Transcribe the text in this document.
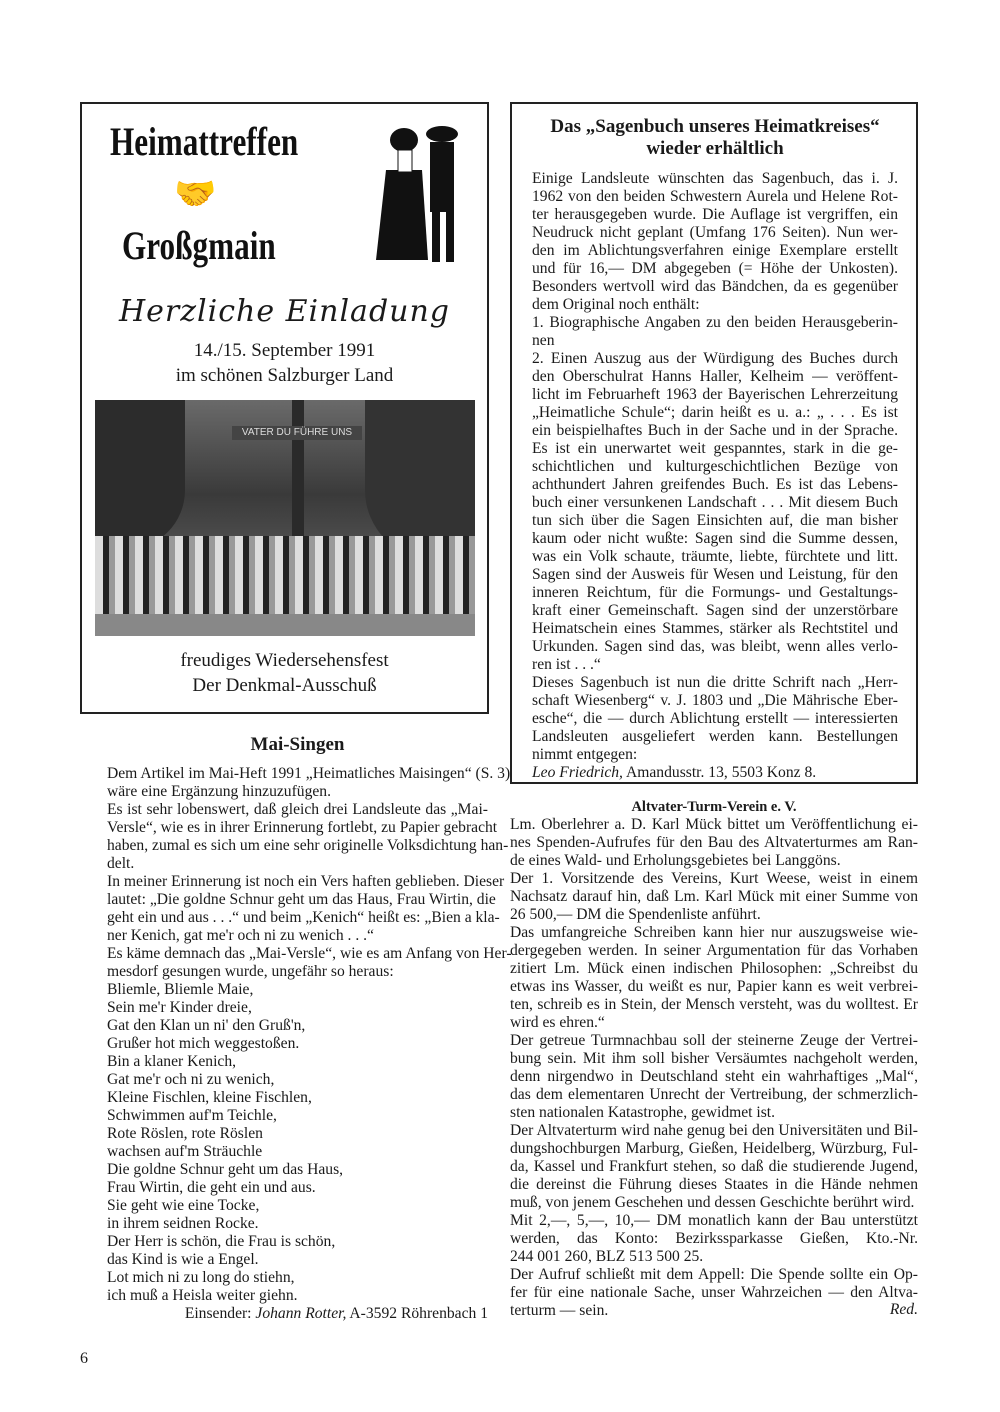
Heimattreffen
🤝
Großgmain
Herzliche Einladung
14./15. September 1991
im schönen Salzburger Land
VATER DU FÜHRE UNS
freudiges Wiedersehensfest
Der Denkmal-Ausschuß
Das „Sagenbuch unseres Heimatkreises“
wieder erhältlich
Einige Landsleute wünschten das Sagenbuch, das i. J.
1962 von den beiden Schwestern Aurela und Helene Rot-
ter herausgegeben wurde. Die Auflage ist vergriffen, ein
Neudruck nicht geplant (Umfang 176 Seiten). Nun wer-
den im Ablichtungsverfahren einige Exemplare erstellt
und für 16,— DM abgegeben (= Höhe der Unkosten).
Besonders wertvoll wird das Bändchen, da es gegenüber
dem Original noch enthält:
1. Biographische Angaben zu den beiden Herausgeberin-
nen
2. Einen Auszug aus der Würdigung des Buches durch
den Oberschulrat Hanns Haller, Kelheim — veröffent-
licht im Februarheft 1963 der Bayerischen Lehrerzeitung
„Heimatliche Schule“; darin heißt es u. a.: „ . . . Es ist
ein beispielhaftes Buch in der Sache und in der Sprache.
Es ist ein unerwartet weit gespanntes, stark in die ge-
schichtlichen und kulturgeschichtlichen Bezüge von
achthundert Jahren greifendes Buch. Es ist das Lebens-
buch einer versunkenen Landschaft . . . Mit diesem Buch
tun sich über die Sagen Einsichten auf, die man bisher
kaum oder nicht wußte: Sagen sind die Summe dessen,
was ein Volk schaute, träumte, liebte, fürchtete und litt.
Sagen sind der Ausweis für Wesen und Leistung, für den
inneren Reichtum, für die Formungs- und Gestaltungs-
kraft einer Gemeinschaft. Sagen sind der unzerstörbare
Heimatschein eines Stammes, stärker als Rechtstitel und
Urkunden. Sagen sind das, was bleibt, wenn alles verlo-
ren ist . . .“
Dieses Sagenbuch ist nun die dritte Schrift nach „Herr-
schaft Wiesenberg“ v. J. 1803 und „Die Mährische Eber-
esche“, die — durch Ablichtung erstellt — interessierten
Landsleuten ausgeliefert werden kann. Bestellungen
nimmt entgegen:
Leo Friedrich, Amandusstr. 13, 5503 Konz 8.
Mai-Singen
Dem Artikel im Mai-Heft 1991 „Heimatliches Maisingen“ (S. 3)
wäre eine Ergänzung hinzuzufügen.
Es ist sehr lobenswert, daß gleich drei Landsleute das „Mai-
Versle“, wie es in ihrer Erinnerung fortlebt, zu Papier gebracht
haben, zumal es sich um eine sehr originelle Volksdichtung han-
delt.
In meiner Erinnerung ist noch ein Vers haften geblieben. Dieser
lautet: „Die goldne Schnur geht um das Haus, Frau Wirtin, die
geht ein und aus . . .“ und beim „Kenich“ heißt es: „Bien a kla-
ner Kenich, gat me'r och ni zu wenich . . .“
Es käme demnach das „Mai-Versle“, wie es am Anfang von Her-
mesdorf gesungen wurde, ungefähr so heraus:
Bliemle, Bliemle Maie,
Sein me'r Kinder dreie,
Gat den Klan un ni' den Gruß'n,
Grußer hot mich weggestoßen.
Bin a klaner Kenich,
Gat me'r och ni zu wenich,
Kleine Fischlen, kleine Fischlen,
Schwimmen auf'm Teichle,
Rote Röslen, rote Röslen
wachsen auf'm Sträuchle
Die goldne Schnur geht um das Haus,
Frau Wirtin, die geht ein und aus.
Sie geht wie eine Tocke,
in ihrem seidnen Rocke.
Der Herr is schön, die Frau is schön,
das Kind is wie a Engel.
Lot mich ni zu long do stiehn,
ich muß a Heisla weiter giehn.
Einsender: Johann Rotter, A-3592 Röhrenbach 1
Altvater-Turm-Verein e. V.
Lm. Oberlehrer a. D. Karl Mück bittet um Veröffentlichung ei-
nes Spenden-Aufrufes für den Bau des Altvaterturmes am Ran-
de eines Wald- und Erholungsgebietes bei Langgöns.
Der 1. Vorsitzende des Vereins, Kurt Weese, weist in einem
Nachsatz darauf hin, daß Lm. Karl Mück mit einer Summe von
26 500,— DM die Spendenliste anführt.
Das umfangreiche Schreiben kann hier nur auszugsweise wie-
dergegeben werden. In seiner Argumentation für das Vorhaben
zitiert Lm. Mück einen indischen Philosophen: „Schreibst du
etwas ins Wasser, du weißt es nur, Papier kann es weit verbrei-
ten, schreib es in Stein, der Mensch versteht, was du wolltest. Er
wird es ehren.“
Der getreue Turmnachbau soll der steinerne Zeuge der Vertrei-
bung sein. Mit ihm soll bisher Versäumtes nachgeholt werden,
denn nirgendwo in Deutschland steht ein wahrhaftiges „Mal“,
das dem elementaren Unrecht der Vertreibung, der schmerzlich-
sten nationalen Katastrophe, gewidmet ist.
Der Altvaterturm wird nahe genug bei den Universitäten und Bil-
dungshochburgen Marburg, Gießen, Heidelberg, Würzburg, Ful-
da, Kassel und Frankfurt stehen, so daß die studierende Jugend,
die dereinst die Führung dieses Staates in die Hände nehmen
muß, von jenem Geschehen und dessen Geschichte berührt wird.
Mit 2,—, 5,—, 10,— DM monatlich kann der Bau unterstützt
werden, das Konto: Bezirkssparkasse Gießen, Kto.-Nr.
244 001 260, BLZ 513 500 25.
Der Aufruf schließt mit dem Appell: Die Spende sollte ein Op-
fer für eine nationale Sache, unser Wahrzeichen — den Altva-
terturm — sein.	Red.
6
